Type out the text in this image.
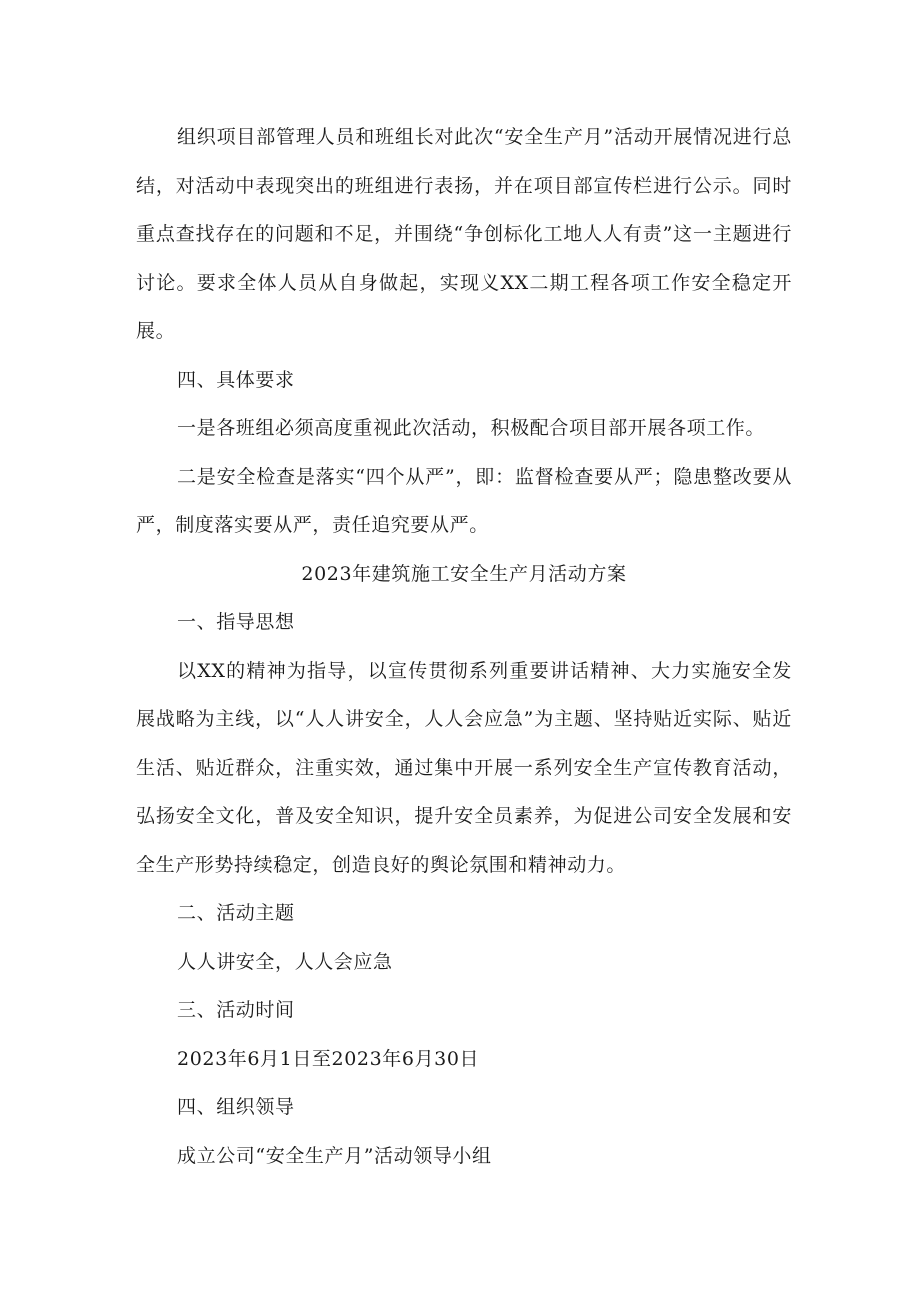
组织项目部管理人员和班组长对此次“安全生产月”活动开展情况进行总结，对活动中表现突出的班组进行表扬，并在项目部宣传栏进行公示。同时重点查找存在的问题和不足，并围绕“争创标化工地人人有责”这一主题进行讨论。要求全体人员从自身做起，实现义XX二期工程各项工作安全稳定开展。

四、具体要求

一是各班组必须高度重视此次活动，积极配合项目部开展各项工作。

二是安全检查是落实“四个从严”，即：监督检查要从严；隐患整改要从严，制度落实要从严，责任追究要从严。

2023年建筑施工安全生产月活动方案

一、指导思想

以XX的精神为指导，以宣传贯彻系列重要讲话精神、大力实施安全发展战略为主线，以“人人讲安全，人人会应急”为主题、坚持贴近实际、贴近生活、贴近群众，注重实效，通过集中开展一系列安全生产宣传教育活动，弘扬安全文化，普及安全知识，提升安全员素养，为促进公司安全发展和安全生产形势持续稳定，创造良好的舆论氛围和精神动力。

二、活动主题

人人讲安全，人人会应急

三、活动时间

2023年6月1日至2023年6月30日

四、组织领导

成立公司“安全生产月”活动领导小组
